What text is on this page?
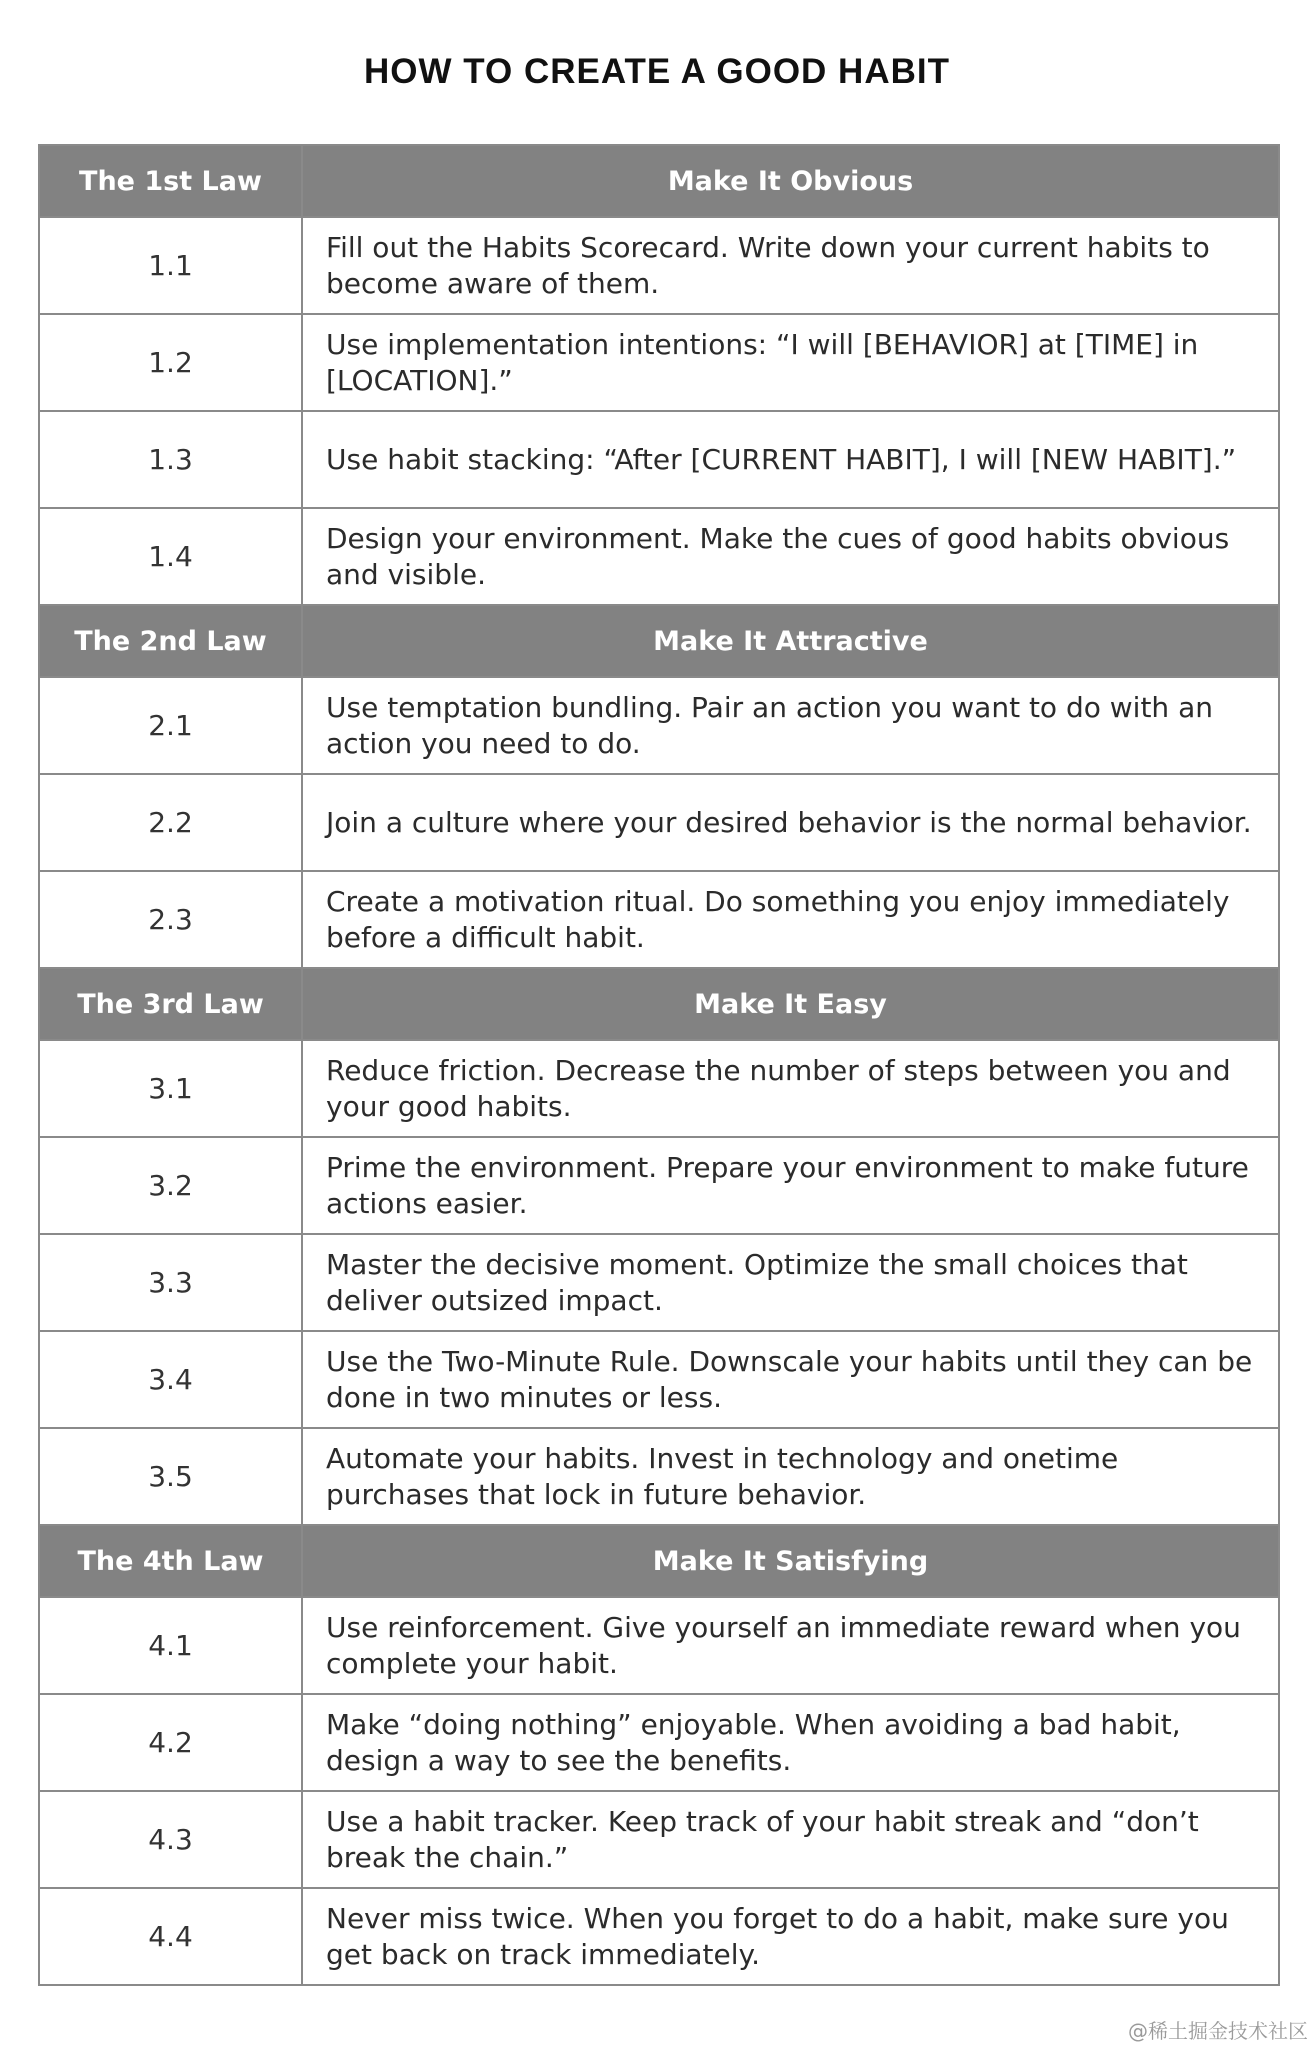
HOW TO CREATE A GOOD HABIT
The 1st Law	Make It Obvious
1.1	Fill out the Habits Scorecard. Write down your current habits to become aware of them.
1.2	Use implementation intentions: “I will [BEHAVIOR] at [TIME] in [LOCATION].”
1.3	Use habit stacking: “After [CURRENT HABIT], I will [NEW HABIT].”
1.4	Design your environment. Make the cues of good habits obvious and visible.
The 2nd Law	Make It Attractive
2.1	Use temptation bundling. Pair an action you want to do with an action you need to do.
2.2	Join a culture where your desired behavior is the normal behavior.
2.3	Create a motivation ritual. Do something you enjoy immediately before a difficult habit.
The 3rd Law	Make It Easy
3.1	Reduce friction. Decrease the number of steps between you and your good habits.
3.2	Prime the environment. Prepare your environment to make future actions easier.
3.3	Master the decisive moment. Optimize the small choices that deliver outsized impact.
3.4	Use the Two-Minute Rule. Downscale your habits until they can be done in two minutes or less.
3.5	Automate your habits. Invest in technology and onetime purchases that lock in future behavior.
The 4th Law	Make It Satisfying
4.1	Use reinforcement. Give yourself an immediate reward when you complete your habit.
4.2	Make “doing nothing” enjoyable. When avoiding a bad habit, design a way to see the benefits.
4.3	Use a habit tracker. Keep track of your habit streak and “don’t break the chain.”
4.4	Never miss twice. When you forget to do a habit, make sure you get back on track immediately.
@稀土掘金技术社区
